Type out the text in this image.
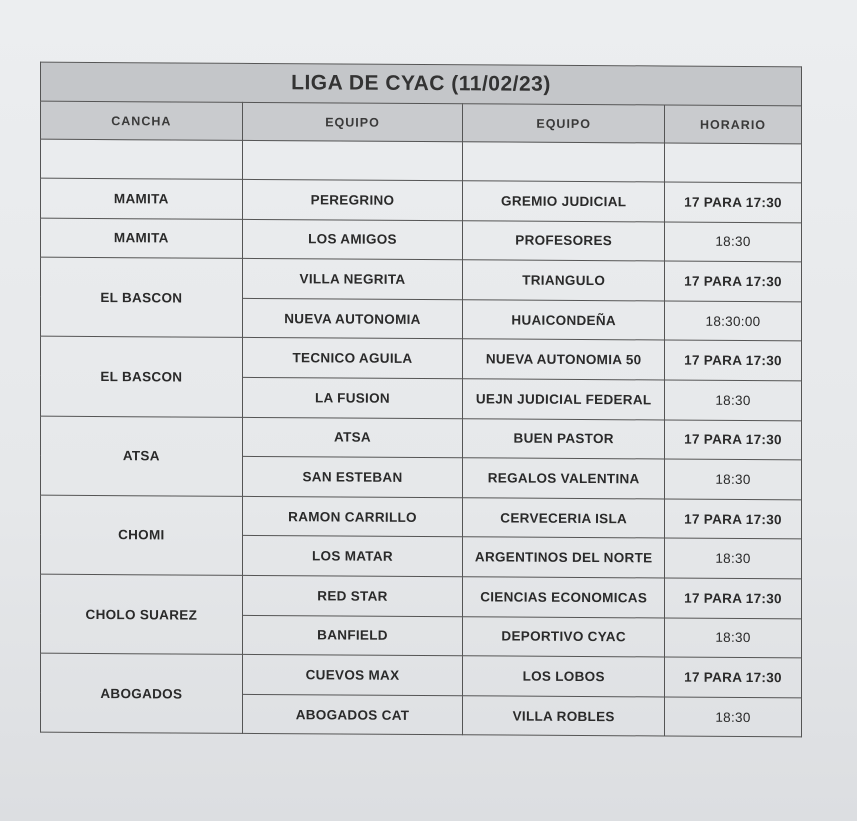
LIGA DE CYAC (11/02/23)			
CANCHA	EQUIPO	EQUIPO	HORARIO

MAMITA	PEREGRINO	GREMIO JUDICIAL	17 PARA 17:30
MAMITA	LOS AMIGOS	PROFESORES	18:30
EL BASCON	VILLA NEGRITA	TRIANGULO	17 PARA 17:30
	NUEVA AUTONOMIA	HUAICONDEÑA	18:30:00
EL BASCON	TECNICO AGUILA	NUEVA AUTONOMIA 50	17 PARA 17:30
	LA FUSION	UEJN JUDICIAL FEDERAL	18:30
ATSA	ATSA	BUEN PASTOR	17 PARA 17:30
	SAN ESTEBAN	REGALOS VALENTINA	18:30
CHOMI	RAMON CARRILLO	CERVECERIA ISLA	17 PARA 17:30
	LOS MATAR	ARGENTINOS DEL NORTE	18:30
CHOLO SUAREZ	RED STAR	CIENCIAS ECONOMICAS	17 PARA 17:30
	BANFIELD	DEPORTIVO CYAC	18:30
ABOGADOS	CUEVOS MAX	LOS LOBOS	17 PARA 17:30
	ABOGADOS CAT	VILLA ROBLES	18:30
